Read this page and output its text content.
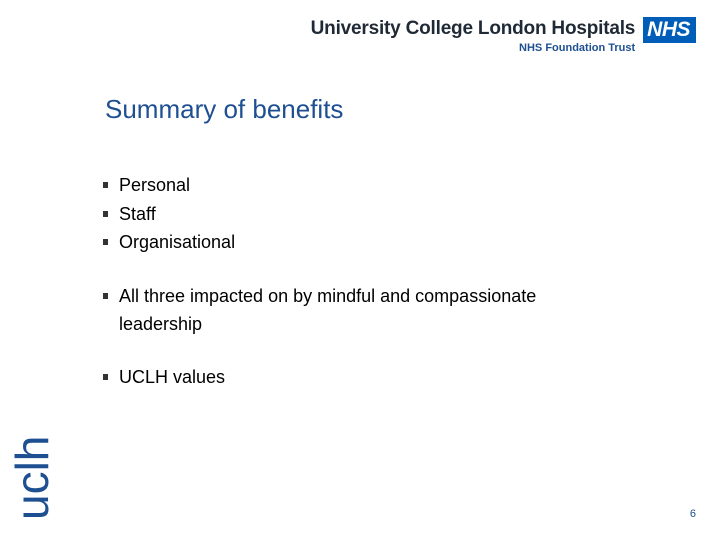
University College London Hospitals
NHS Foundation Trust
NHS
Summary of benefits
Personal
Staff
Organisational
All three impacted on by mindful and compassionate leadership
UCLH values
uclh	6
